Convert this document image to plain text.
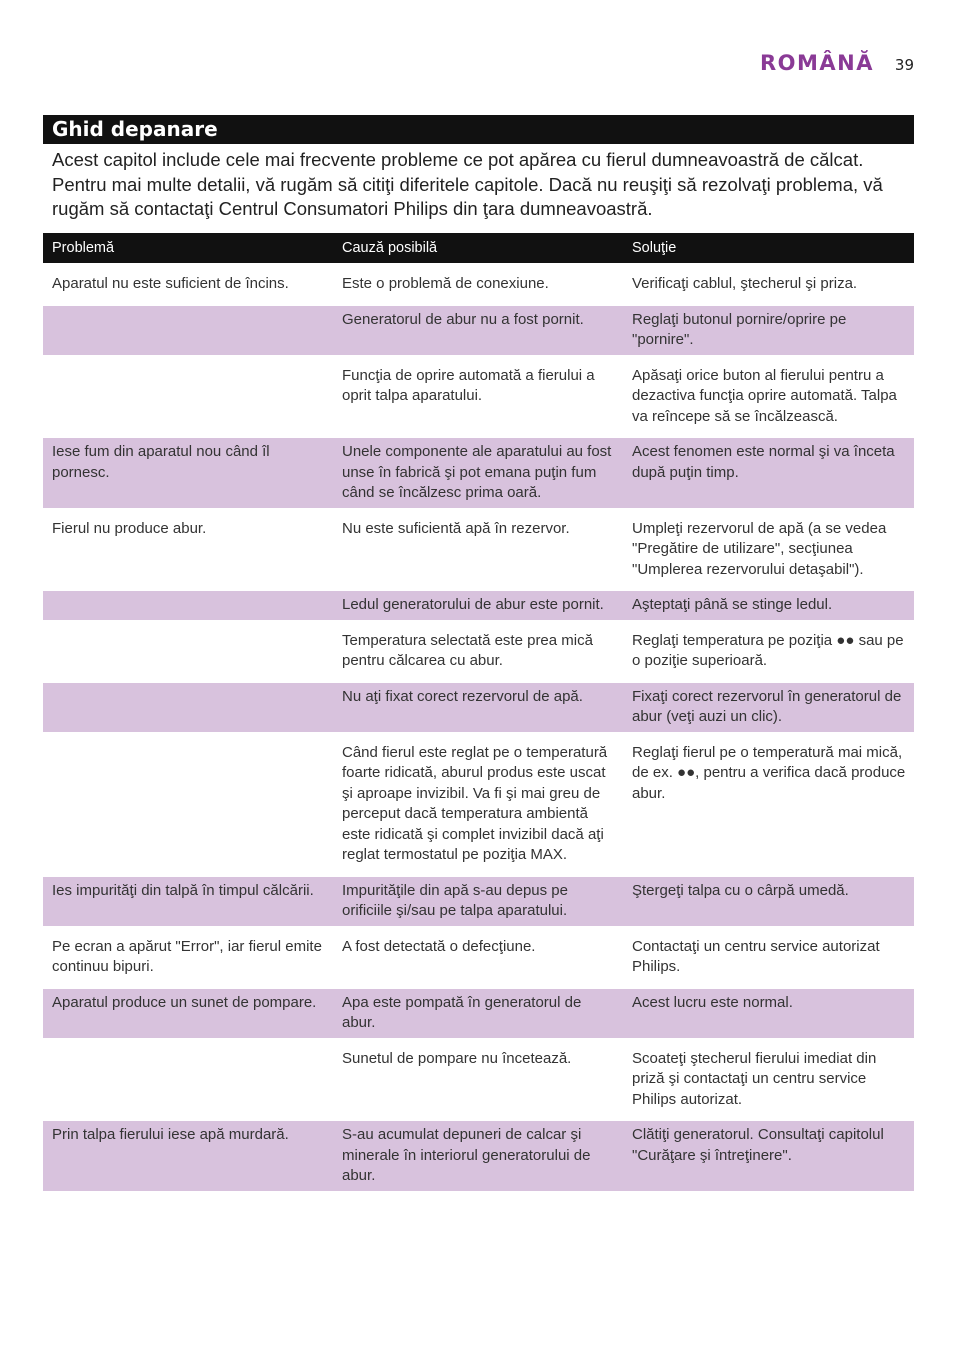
ROMÂNĂ 39
Ghid depanare

Acest capitol include cele mai frecvente probleme ce pot apărea cu fierul dumneavoastră de călcat. Pentru mai multe detalii, vă rugăm să citiţi diferitele capitole. Dacă nu reuşiţi să rezolvaţi problema, vă rugăm să contactaţi Centrul Consumatori Philips din ţara dumneavoastră.

Problemă	Cauză posibilă	Soluţie
Aparatul nu este suficient de încins.	Este o problemă de conexiune.	Verificaţi cablul, ştecherul şi priza.
	Generatorul de abur nu a fost pornit.	Reglaţi butonul pornire/oprire pe "pornire".
	Funcţia de oprire automată a fierului a oprit talpa aparatului.	Apăsaţi orice buton al fierului pentru a dezactiva funcţia oprire automată. Talpa va reîncepe să se încălzească.
Iese fum din aparatul nou când îl pornesc.	Unele componente ale aparatului au fost unse în fabrică şi pot emana puţin fum când se încălzesc prima oară.	Acest fenomen este normal şi va înceta după puţin timp.
Fierul nu produce abur.	Nu este suficientă apă în rezervor.	Umpleţi rezervorul de apă (a se vedea "Pregătire de utilizare", secţiunea "Umplerea rezervorului detaşabil").
	Ledul generatorului de abur este pornit.	Aşteptaţi până se stinge ledul.
	Temperatura selectată este prea mică pentru călcarea cu abur.	Reglaţi temperatura pe poziţia ●● sau pe o poziţie superioară.
	Nu aţi fixat corect rezervorul de apă.	Fixaţi corect rezervorul în generatorul de abur (veţi auzi un clic).
	Când fierul este reglat pe o temperatură foarte ridicată, aburul produs este uscat şi aproape invizibil. Va fi şi mai greu de perceput dacă temperatura ambientă este ridicată şi complet invizibil dacă aţi reglat termostatul pe poziţia MAX.	Reglaţi fierul pe o temperatură mai mică, de ex. ●●, pentru a verifica dacă produce abur.
Ies impurităţi din talpă în timpul călcării.	Impurităţile din apă s-au depus pe orificiile şi/sau pe talpa aparatului.	Ştergeţi talpa cu o cârpă umedă.
Pe ecran a apărut "Error", iar fierul emite continuu bipuri.	A fost detectată o defecţiune.	Contactaţi un centru service autorizat Philips.
Aparatul produce un sunet de pompare.	Apa este pompată în generatorul de abur.	Acest lucru este normal.
	Sunetul de pompare nu încetează.	Scoateţi ştecherul fierului imediat din priză şi contactaţi un centru service Philips autorizat.
Prin talpa fierului iese apă murdară.	S-au acumulat depuneri de calcar şi minerale în interiorul generatorului de abur.	Clătiţi generatorul. Consultaţi capitolul "Curăţare şi întreţinere".
